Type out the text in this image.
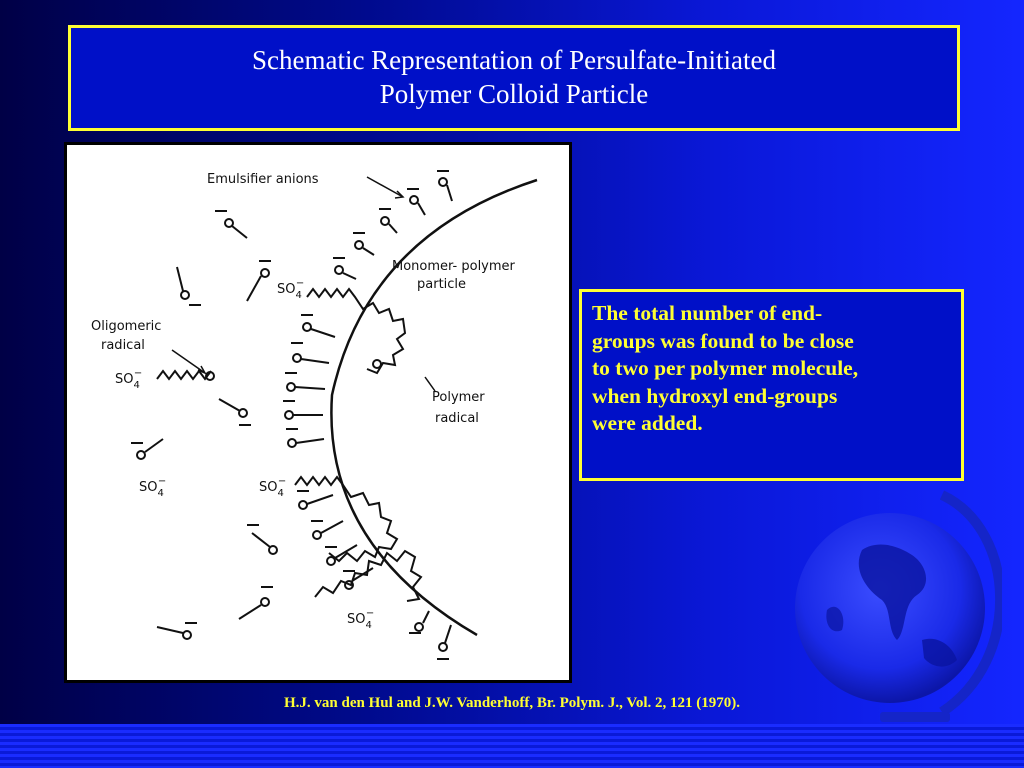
Schematic Representation of Persulfate-Initiated
Polymer Colloid Particle
Emulsifier anions
Monomer- polymer
particle
Oligomeric
radical
Polymer
radical
$SO_4-$
$SO_4-$
$SO_4-$	$SO_4-$
$SO_4-$
The total number of end-
groups was found to be close
to two per polymer molecule,
when hydroxyl end-groups
were added.
H.J. van den Hul and J.W. Vanderhoff, Br. Polym. J., Vol. 2, 121 (1970).
